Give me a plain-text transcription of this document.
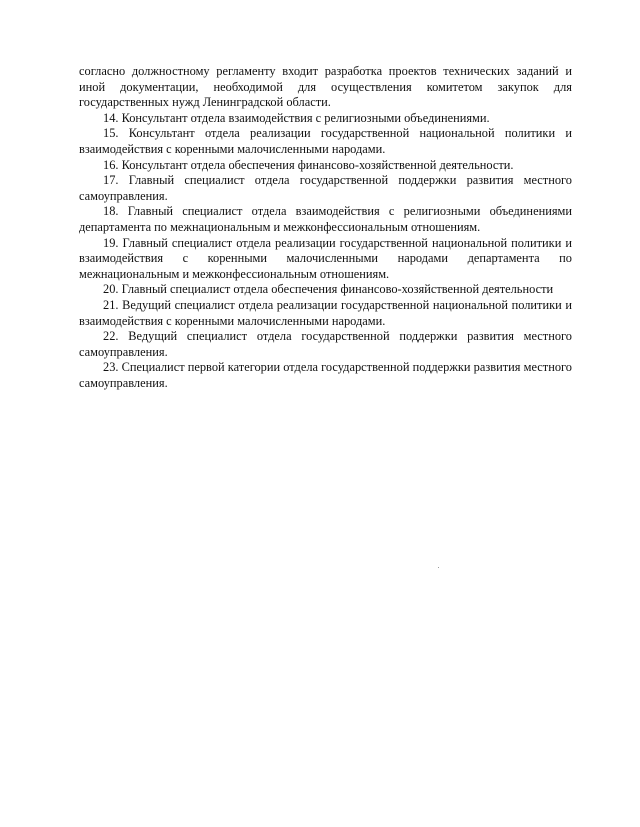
согласно должностному регламенту входит разработка проектов технических заданий и иной документации, необходимой для осуществления комитетом закупок для государственных нужд Ленинградской области.

14. Консультант отдела взаимодействия с религиозными объединениями.

15. Консультант отдела реализации государственной национальной политики и взаимодействия с коренными малочисленными народами.

16. Консультант отдела обеспечения финансово-хозяйственной деятельности.

17. Главный специалист отдела государственной поддержки развития местного самоуправления.

18. Главный специалист отдела взаимодействия с религиозными объединениями департамента по межнациональным и межконфессиональным отношениям.

19. Главный специалист отдела реализации государственной национальной политики и взаимодействия с коренными малочисленными народами департамента по межнациональным и межконфессиональным отношениям.

20. Главный специалист отдела обеспечения финансово-хозяйственной деятельности

21. Ведущий специалист отдела реализации государственной национальной политики и взаимодействия с коренными малочисленными народами.

22. Ведущий специалист отдела государственной поддержки развития местного самоуправления.

23. Специалист первой категории отдела государственной поддержки развития местного самоуправления.
